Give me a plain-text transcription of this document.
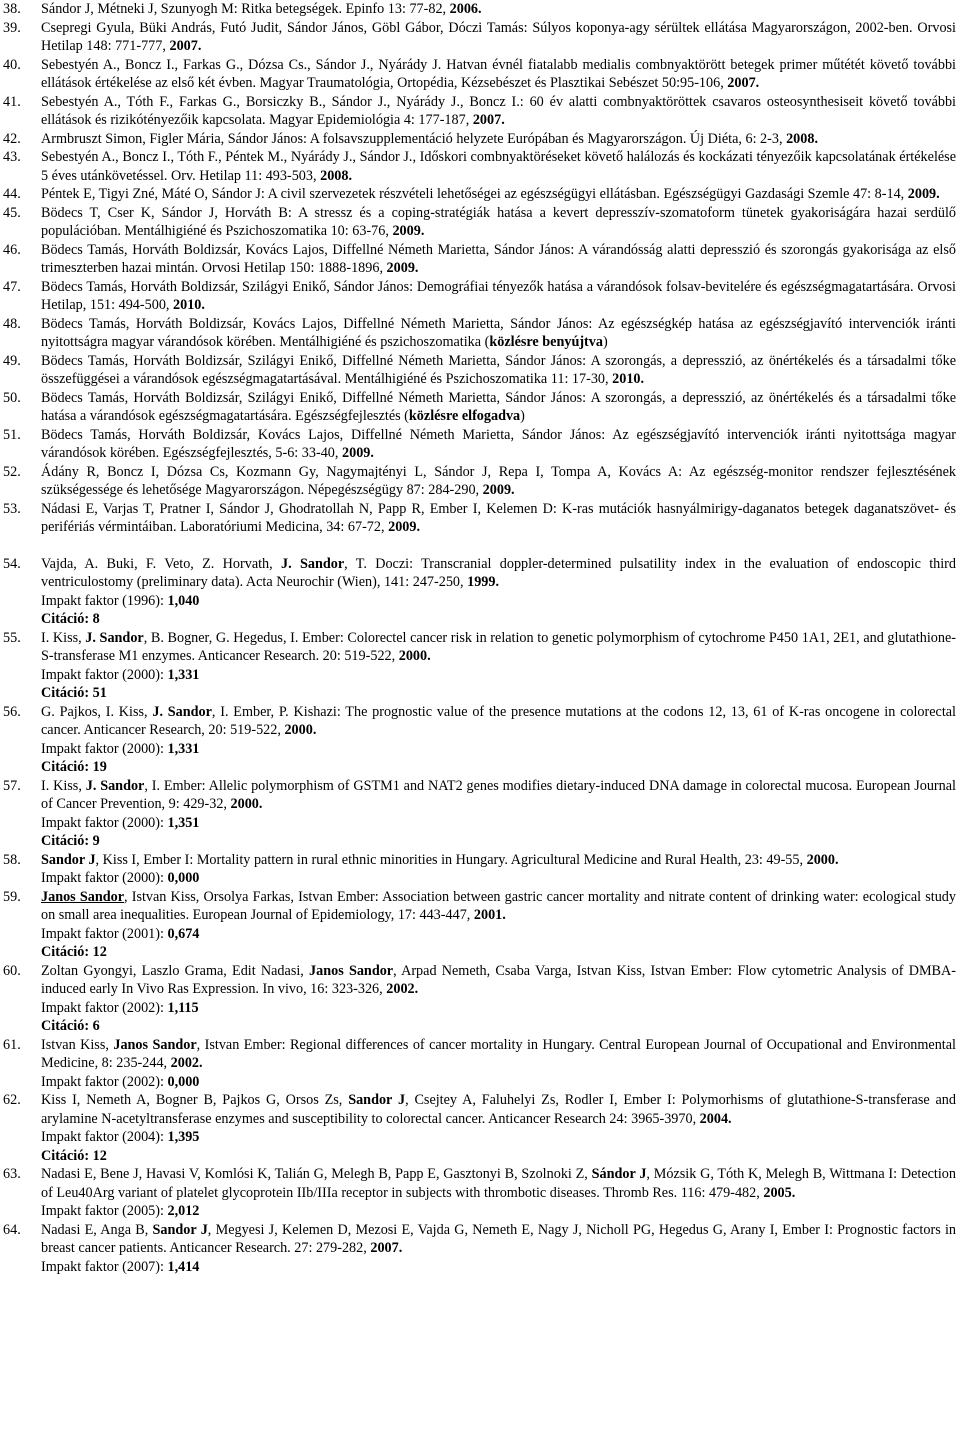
38. Sándor J, Métneki J, Szunyogh M: Ritka betegségek. Epinfo 13: 77-82, 2006.
39. Csepregi Gyula, Büki András, Futó Judit, Sándor János, Göbl Gábor, Dóczi Tamás: Súlyos koponya-agy sérültek ellátása Magyarországon, 2002-ben. Orvosi Hetilap 148: 771-777, 2007.
40. Sebestyén A., Boncz I., Farkas G., Dózsa Cs., Sándor J., Nyárády J. Hatvan évnél fiatalabb medialis combnyaktörött betegek primer műtétét követő további ellátások értékelése az első két évben. Magyar Traumatológia, Ortopédia, Kézsebészet és Plasztikai Sebészet 50:95-106, 2007.
41. Sebestyén A., Tóth F., Farkas G., Borsiczky B., Sándor J., Nyárády J., Boncz I.: 60 év alatti combnyaktöröttek csavaros osteosynthesiseit követő további ellátások és rizikótényezőik kapcsolata. Magyar Epidemiológia 4: 177-187, 2007.
42. Armbruszt Simon, Figler Mária, Sándor János: A folsavszupplementáció helyzete Európában és Magyarországon. Új Diéta, 6: 2-3, 2008.
43. Sebestyén A., Boncz I., Tóth F., Péntek M., Nyárády J., Sándor J., Időskori combnyaktöréseket követő halálozás és kockázati tényezőik kapcsolatának értékelése 5 éves utánkövetéssel. Orv. Hetilap 11: 493-503, 2008.
44. Péntek E, Tigyi Zné, Máté O, Sándor J: A civil szervezetek részvételi lehetőségei az egészségügyi ellátásban. Egészségügyi Gazdasági Szemle 47: 8-14, 2009.
45. Bödecs T, Cser K, Sándor J, Horváth B: A stressz és a coping-stratégiák hatása a kevert depresszív-szomatoform tünetek gyakoriságára hazai serdülő populációban. Mentálhigiéné és Pszichoszomatika 10: 63-76, 2009.
46. Bödecs Tamás, Horváth Boldizsár, Kovács Lajos, Diffellné Németh Marietta, Sándor János: A várandósság alatti depresszió és szorongás gyakorisága az első trimeszterben hazai mintán. Orvosi Hetilap 150: 1888-1896, 2009.
47. Bödecs Tamás, Horváth Boldizsár, Szilágyi Enikő, Sándor János: Demográfiai tényezők hatása a várandósok folsav-bevitelére és egészségmagatartására. Orvosi Hetilap, 151: 494-500, 2010.
48. Bödecs Tamás, Horváth Boldizsár, Kovács Lajos, Diffellné Németh Marietta, Sándor János: Az egészségkép hatása az egészségjavító intervenciók iránti nyitottságra magyar várandósok körében. Mentálhigiéné és pszichoszomatika (közlésre benyújtva)
49. Bödecs Tamás, Horváth Boldizsár, Szilágyi Enikő, Diffellné Németh Marietta, Sándor János: A szorongás, a depresszió, az önértékelés és a társadalmi tőke összefüggései a várandósok egészségmagatartásával. Mentálhigiéné és Pszichoszomatika 11: 17-30, 2010.
50. Bödecs Tamás, Horváth Boldizsár, Szilágyi Enikő, Diffellné Németh Marietta, Sándor János: A szorongás, a depresszió, az önértékelés és a társadalmi tőke hatása a várandósok egészségmagatartására. Egészségfejlesztés (közlésre elfogadva)
51. Bödecs Tamás, Horváth Boldizsár, Kovács Lajos, Diffellné Németh Marietta, Sándor János: Az egészségjavító intervenciók iránti nyitottsága magyar várandósok körében. Egészségfejlesztés, 5-6: 33-40, 2009.
52. Ádány R, Boncz I, Dózsa Cs, Kozmann Gy, Nagymajtényi L, Sándor J, Repa I, Tompa A, Kovács A: Az egészség-monitor rendszer fejlesztésének szükségessége és lehetősége Magyarországon. Népegészségügy 87: 284-290, 2009.
53. Nádasi E, Varjas T, Pratner I, Sándor J, Ghodratollah N, Papp R, Ember I, Kelemen D: K-ras mutációk hasnyálmirigy-daganatos betegek daganatszövet- és perifériás vérmintáiban. Laboratóriumi Medicina, 34: 67-72, 2009.
54. Vajda, A. Buki, F. Veto, Z. Horvath, J. Sandor, T. Doczi: Transcranial doppler-determined pulsatility index in the evaluation of endoscopic third ventriculostomy (preliminary data). Acta Neurochir (Wien), 141: 247-250, 1999.
Impakt faktor (1996): 1,040
Citáció: 8
55. I. Kiss, J. Sandor, B. Bogner, G. Hegedus, I. Ember: Colorectel cancer risk in relation to genetic polymorphism of cytochrome P450 1A1, 2E1, and glutathione-S-transferase M1 enzymes. Anticancer Research. 20: 519-522, 2000.
Impakt faktor (2000): 1,331
Citáció: 51
56. G. Pajkos, I. Kiss, J. Sandor, I. Ember, P. Kishazi: The prognostic value of the presence mutations at the codons 12, 13, 61 of K-ras oncogene in colorectal cancer. Anticancer Research, 20: 519-522, 2000.
Impakt faktor (2000): 1,331
Citáció: 19
57. I. Kiss, J. Sandor, I. Ember: Allelic polymorphism of GSTM1 and NAT2 genes modifies dietary-induced DNA damage in colorectal mucosa. European Journal of Cancer Prevention, 9: 429-32, 2000.
Impakt faktor (2000): 1,351
Citáció: 9
58. Sandor J, Kiss I, Ember I: Mortality pattern in rural ethnic minorities in Hungary. Agricultural Medicine and Rural Health, 23: 49-55, 2000.
Impakt faktor (2000): 0,000
59. Janos Sandor, Istvan Kiss, Orsolya Farkas, Istvan Ember: Association between gastric cancer mortality and nitrate content of drinking water: ecological study on small area inequalities. European Journal of Epidemiology, 17: 443-447, 2001.
Impakt faktor (2001): 0,674
Citáció: 12
60. Zoltan Gyongyi, Laszlo Grama, Edit Nadasi, Janos Sandor, Arpad Nemeth, Csaba Varga, Istvan Kiss, Istvan Ember: Flow cytometric Analysis of DMBA-induced early In Vivo Ras Expression. In vivo, 16: 323-326, 2002.
Impakt faktor (2002): 1,115
Citáció: 6
61. Istvan Kiss, Janos Sandor, Istvan Ember: Regional differences of cancer mortality in Hungary. Central European Journal of Occupational and Environmental Medicine, 8: 235-244, 2002.
Impakt faktor (2002): 0,000
62. Kiss I, Nemeth A, Bogner B, Pajkos G, Orsos Zs, Sandor J, Csejtey A, Faluhelyi Zs, Rodler I, Ember I: Polymorhisms of glutathione-S-transferase and arylamine N-acetyltransferase enzymes and susceptibility to colorectal cancer. Anticancer Research 24: 3965-3970, 2004.
Impakt faktor (2004): 1,395
Citáció: 12
63. Nadasi E, Bene J, Havasi V, Komlósi K, Talián G, Melegh B, Papp E, Gasztonyi B, Szolnoki Z, Sándor J, Mózsik G, Tóth K, Melegh B, Wittmana I: Detection of Leu40Arg variant of platelet glycoprotein IIb/IIIa receptor in subjects with thrombotic diseases. Thromb Res. 116: 479-482, 2005.
Impakt faktor (2005): 2,012
64. Nadasi E, Anga B, Sandor J, Megyesi J, Kelemen D, Mezosi E, Vajda G, Nemeth E, Nagy J, Nicholl PG, Hegedus G, Arany I, Ember I: Prognostic factors in breast cancer patients. Anticancer Research. 27: 279-282, 2007.
Impakt faktor (2007): 1,414
